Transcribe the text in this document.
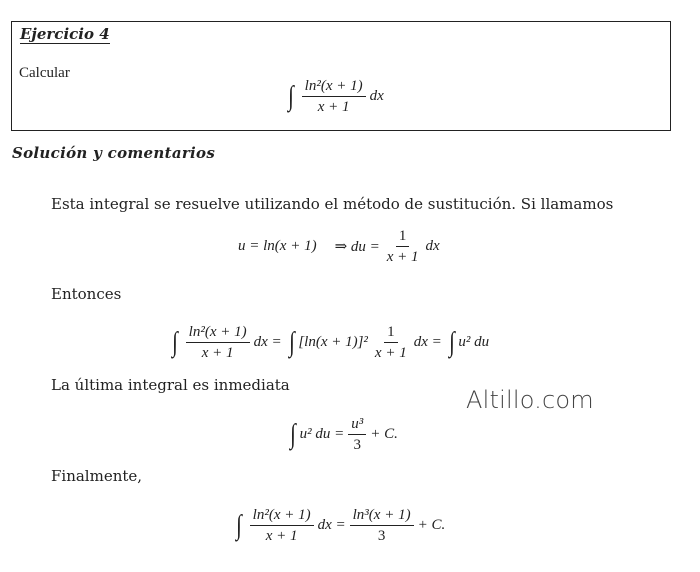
Ejercicio 4
Calcular
∫ $\frac{\text{ln²(x + 1)}}{x + 1}$ dx
Solución y comentarios
Esta integral se resuelve utilizando el método de sustitución. Si llamamos
u = ln(x + 1) ⇒ du = $\frac{1}{x + 1}$ dx
Entonces
∫ $\frac{\text{ln²(x + 1)}}{x + 1}$ dx = ∫ $[\ln(x + 1)]^2 \frac{1}{x + 1}$ dx = ∫ u² du
La última integral es inmediata
Altillo.com
∫ u² du = $\frac{\text{u³}}{3} + C$.
Finalmente,
∫ $\frac{\text{ln²(x + 1)}}{x + 1}$ dx = $\frac{\text{ln³(x + 1)}}{3} + C$.
